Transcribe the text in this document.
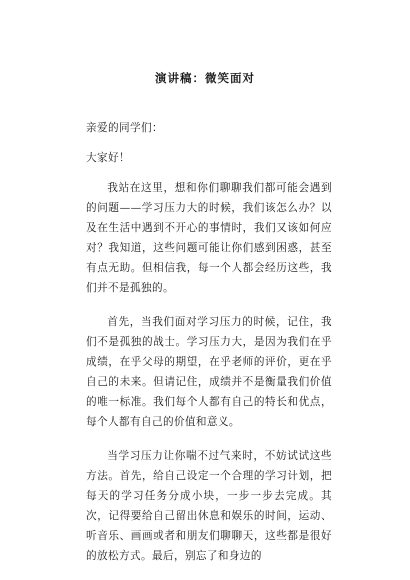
演讲稿：微笑面对

亲爱的同学们：

大家好！

我站在这里，想和你们聊聊我们都可能会遇到的问题——学习压力大的时候，我们该怎么办？以及在生活中遇到不开心的事情时，我们又该如何应对？我知道，这些问题可能让你们感到困惑，甚至有点无助。但相信我，每一个人都会经历这些，我们并不是孤独的。

首先，当我们面对学习压力的时候，记住，我们不是孤独的战士。学习压力大，是因为我们在乎成绩，在乎父母的期望，在乎老师的评价，更在乎自己的未来。但请记住，成绩并不是衡量我们价值的唯一标准。我们每个人都有自己的特长和优点，每个人都有自己的价值和意义。

当学习压力让你喘不过气来时，不妨试试这些方法。首先，给自己设定一个合理的学习计划，把每天的学习任务分成小块，一步一步去完成。其次，记得要给自己留出休息和娱乐的时间，运动、听音乐、画画或者和朋友们聊聊天，这些都是很好的放松方式。最后，别忘了和身边的
